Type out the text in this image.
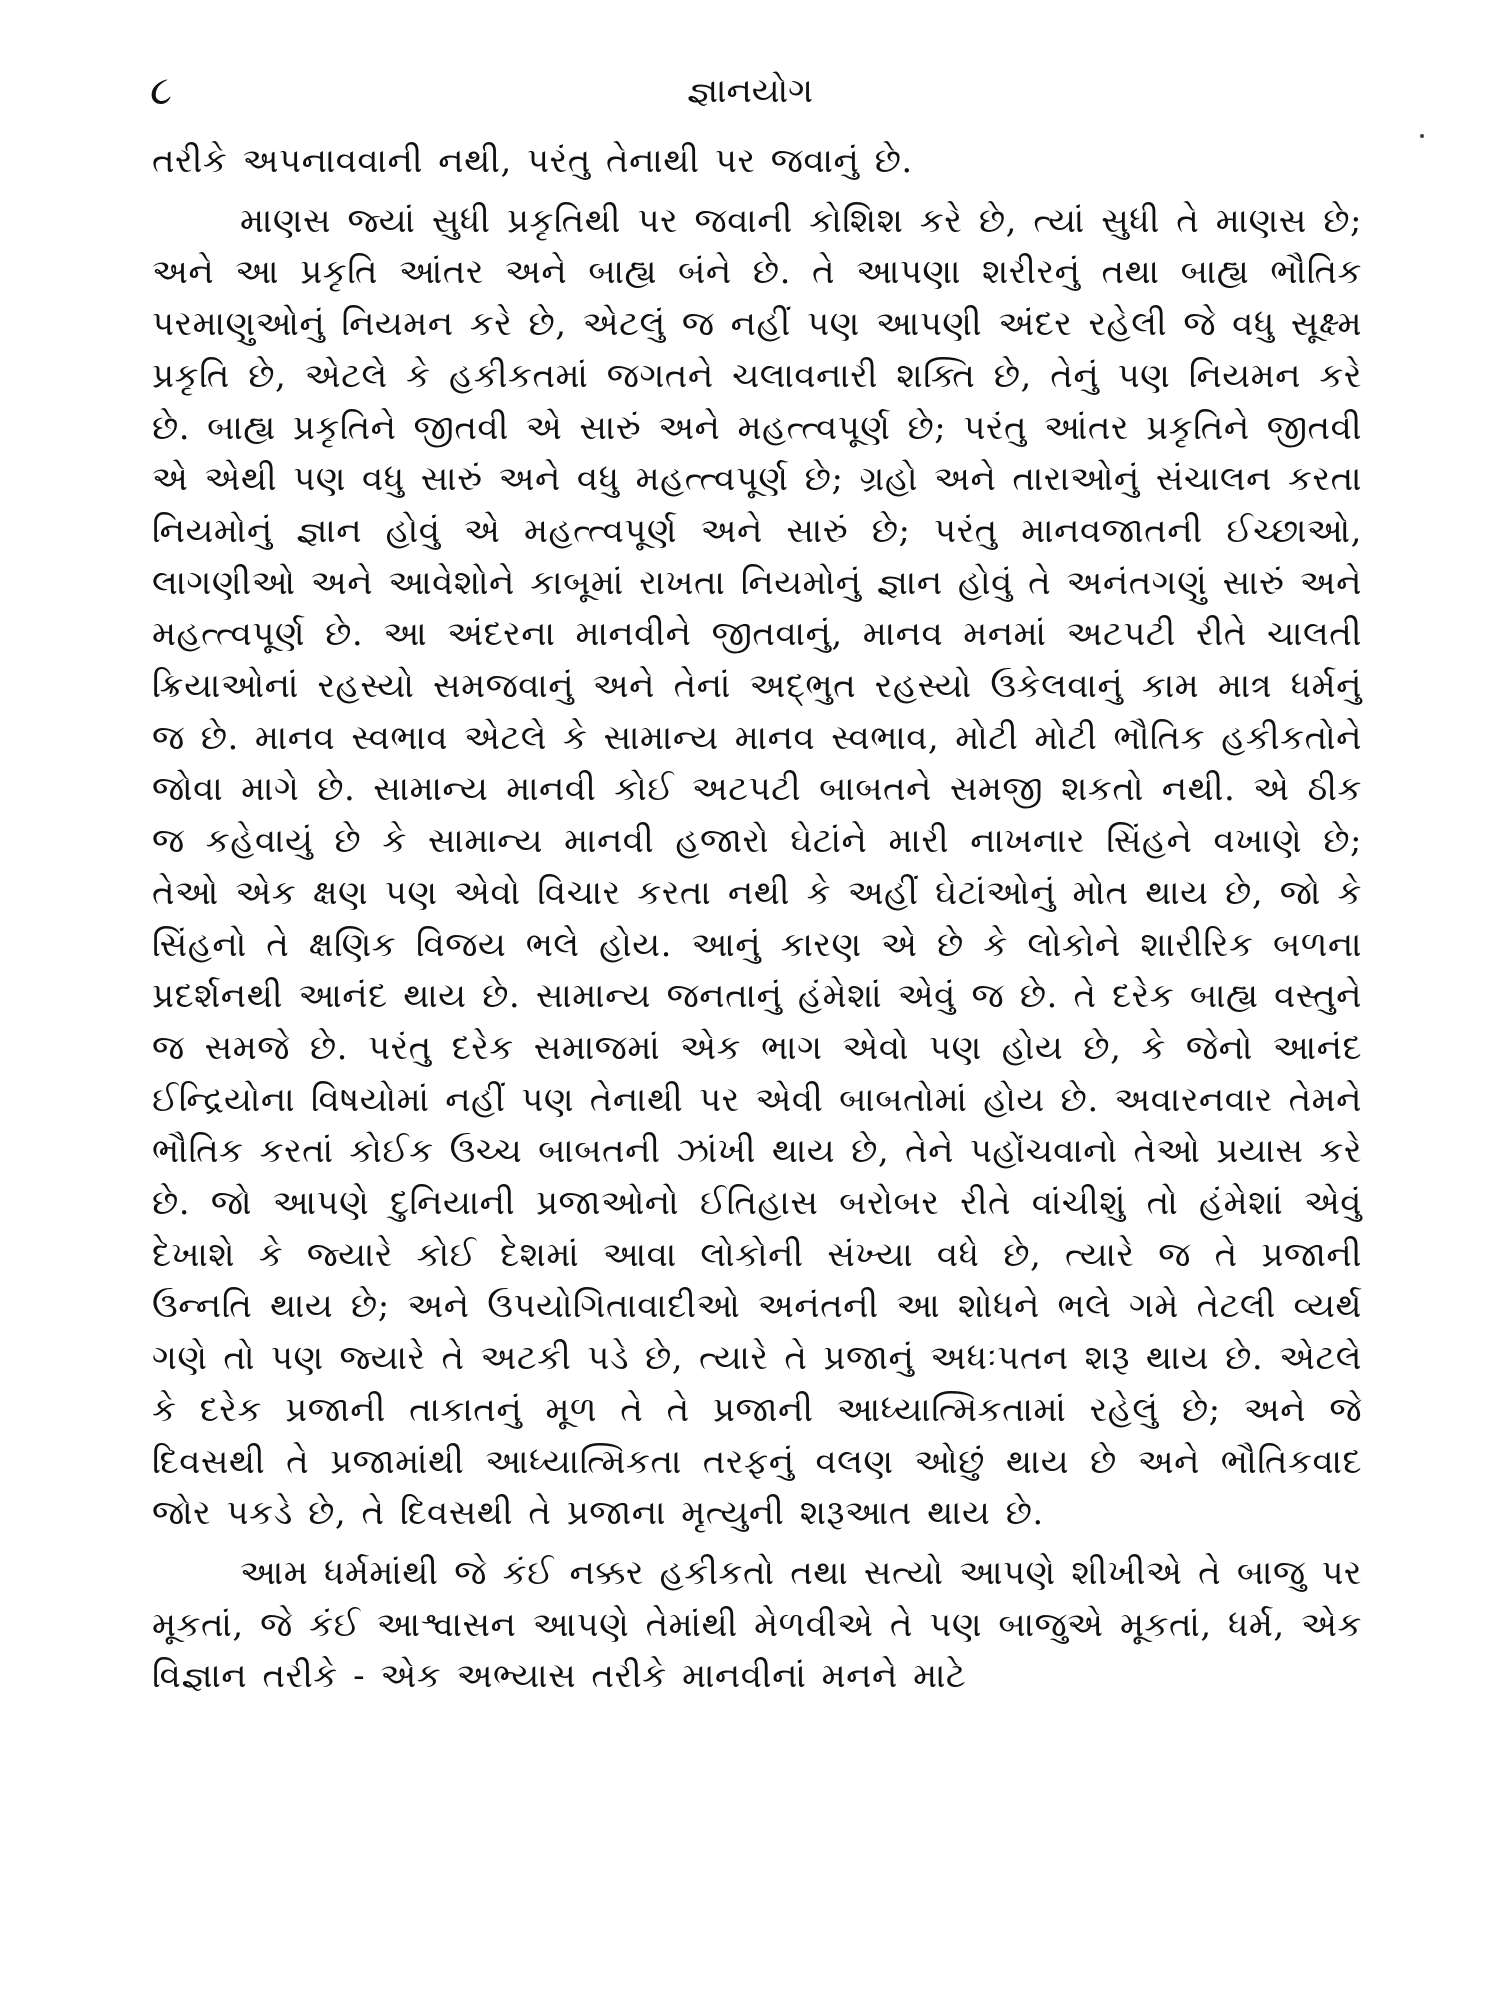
૮	જ્ઞાનયોગ

તરીકે અપનાવવાની નથી, પરંતુ તેનાથી પર જવાનું છે.

માણસ જ્યાં સુધી પ્રકૃતિથી પર જવાની કોશિશ કરે છે, ત્યાં સુધી તે માણસ છે; અને આ પ્રકૃતિ આંતર અને બાહ્ય બંને છે. તે આપણા શરીરનું તથા બાહ્ય ભૌતિક પરમાણુઓનું નિયમન કરે છે, એટલું જ નહીં પણ આપણી અંદર રહેલી જે વધુ સૂક્ષ્મ પ્રકૃતિ છે, એટલે કે હકીકતમાં જગતને ચલાવનારી શક્તિ છે, તેનું પણ નિયમન કરે છે. બાહ્ય પ્રકૃતિને જીતવી એ સારું અને મહત્ત્વપૂર્ણ છે; પરંતુ આંતર પ્રકૃતિને જીતવી એ એથી પણ વધુ સારું અને વધુ મહત્ત્વપૂર્ણ છે; ગ્રહો અને તારાઓનું સંચાલન કરતા નિયમોનું જ્ઞાન હોવું એ મહત્ત્વપૂર્ણ અને સારું છે; પરંતુ માનવજાતની ઈચ્છાઓ, લાગણીઓ અને આવેશોને કાબૂમાં રાખતા નિયમોનું જ્ઞાન હોવું તે અનંતગણું સારું અને મહત્ત્વપૂર્ણ છે. આ અંદરના માનવીને જીતવાનું, માનવ મનમાં અટપટી રીતે ચાલતી ક્રિયાઓનાં રહસ્યો સમજવાનું અને તેનાં અદ્ભુત રહસ્યો ઉકેલવાનું કામ માત્ર ધર્મનું જ છે. માનવ સ્વભાવ એટલે કે સામાન્ય માનવ સ્વભાવ, મોટી મોટી ભૌતિક હકીકતોને જોવા માગે છે. સામાન્ય માનવી કોઈ અટપટી બાબતને સમજી શકતો નથી. એ ઠીક જ કહેવાયું છે કે સામાન્ય માનવી હજારો ઘેટાંને મારી નાખનાર સિંહને વખાણે છે; તેઓ એક ક્ષણ પણ એવો વિચાર કરતા નથી કે અહીં ઘેટાંઓનું મોત થાય છે, જો કે સિંહનો તે ક્ષણિક વિજય ભલે હોય. આનું કારણ એ છે કે લોકોને શારીરિક બળના પ્રદર્શનથી આનંદ થાય છે. સામાન્ય જનતાનું હંમેશાં એવું જ છે. તે દરેક બાહ્ય વસ્તુને જ સમજે છે. પરંતુ દરેક સમાજમાં એક ભાગ એવો પણ હોય છે, કે જેનો આનંદ ઈન્દ્રિયોના વિષયોમાં નહીં પણ તેનાથી પર એવી બાબતોમાં હોય છે. અવારનવાર તેમને ભૌતિક કરતાં કોઈક ઉચ્ચ બાબતની ઝાંખી થાય છે, તેને પહોંચવાનો તેઓ પ્રયાસ કરે છે. જો આપણે દુનિયાની પ્રજાઓનો ઈતિહાસ બરોબર રીતે વાંચીશું તો હંમેશાં એવું દેખાશે કે જ્યારે કોઈ દેશમાં આવા લોકોની સંખ્યા વધે છે, ત્યારે જ તે પ્રજાની ઉન્નતિ થાય છે; અને ઉપયોગિતાવાદીઓ અનંતની આ શોધને ભલે ગમે તેટલી વ્યર્થ ગણે તો પણ જ્યારે તે અટકી પડે છે, ત્યારે તે પ્રજાનું અધઃપતન શરૂ થાય છે. એટલે કે દરેક પ્રજાની તાકાતનું મૂળ તે તે પ્રજાની આધ્યાત્મિકતામાં રહેલું છે; અને જે દિવસથી તે પ્રજામાંથી આધ્યાત્મિકતા તરફનું વલણ ઓછું થાય છે અને ભૌતિકવાદ જોર પકડે છે, તે દિવસથી તે પ્રજાના મૃત્યુની શરૂઆત થાય છે.

આમ ધર્મમાંથી જે કંઈ નક્કર હકીકતો તથા સત્યો આપણે શીખીએ તે બાજુ પર મૂકતાં, જે કંઈ આશ્વાસન આપણે તેમાંથી મેળવીએ તે પણ બાજુએ મૂકતાં, ધર્મ, એક વિજ્ઞાન તરીકે - એક અભ્યાસ તરીકે માનવીનાં મનને માટે
